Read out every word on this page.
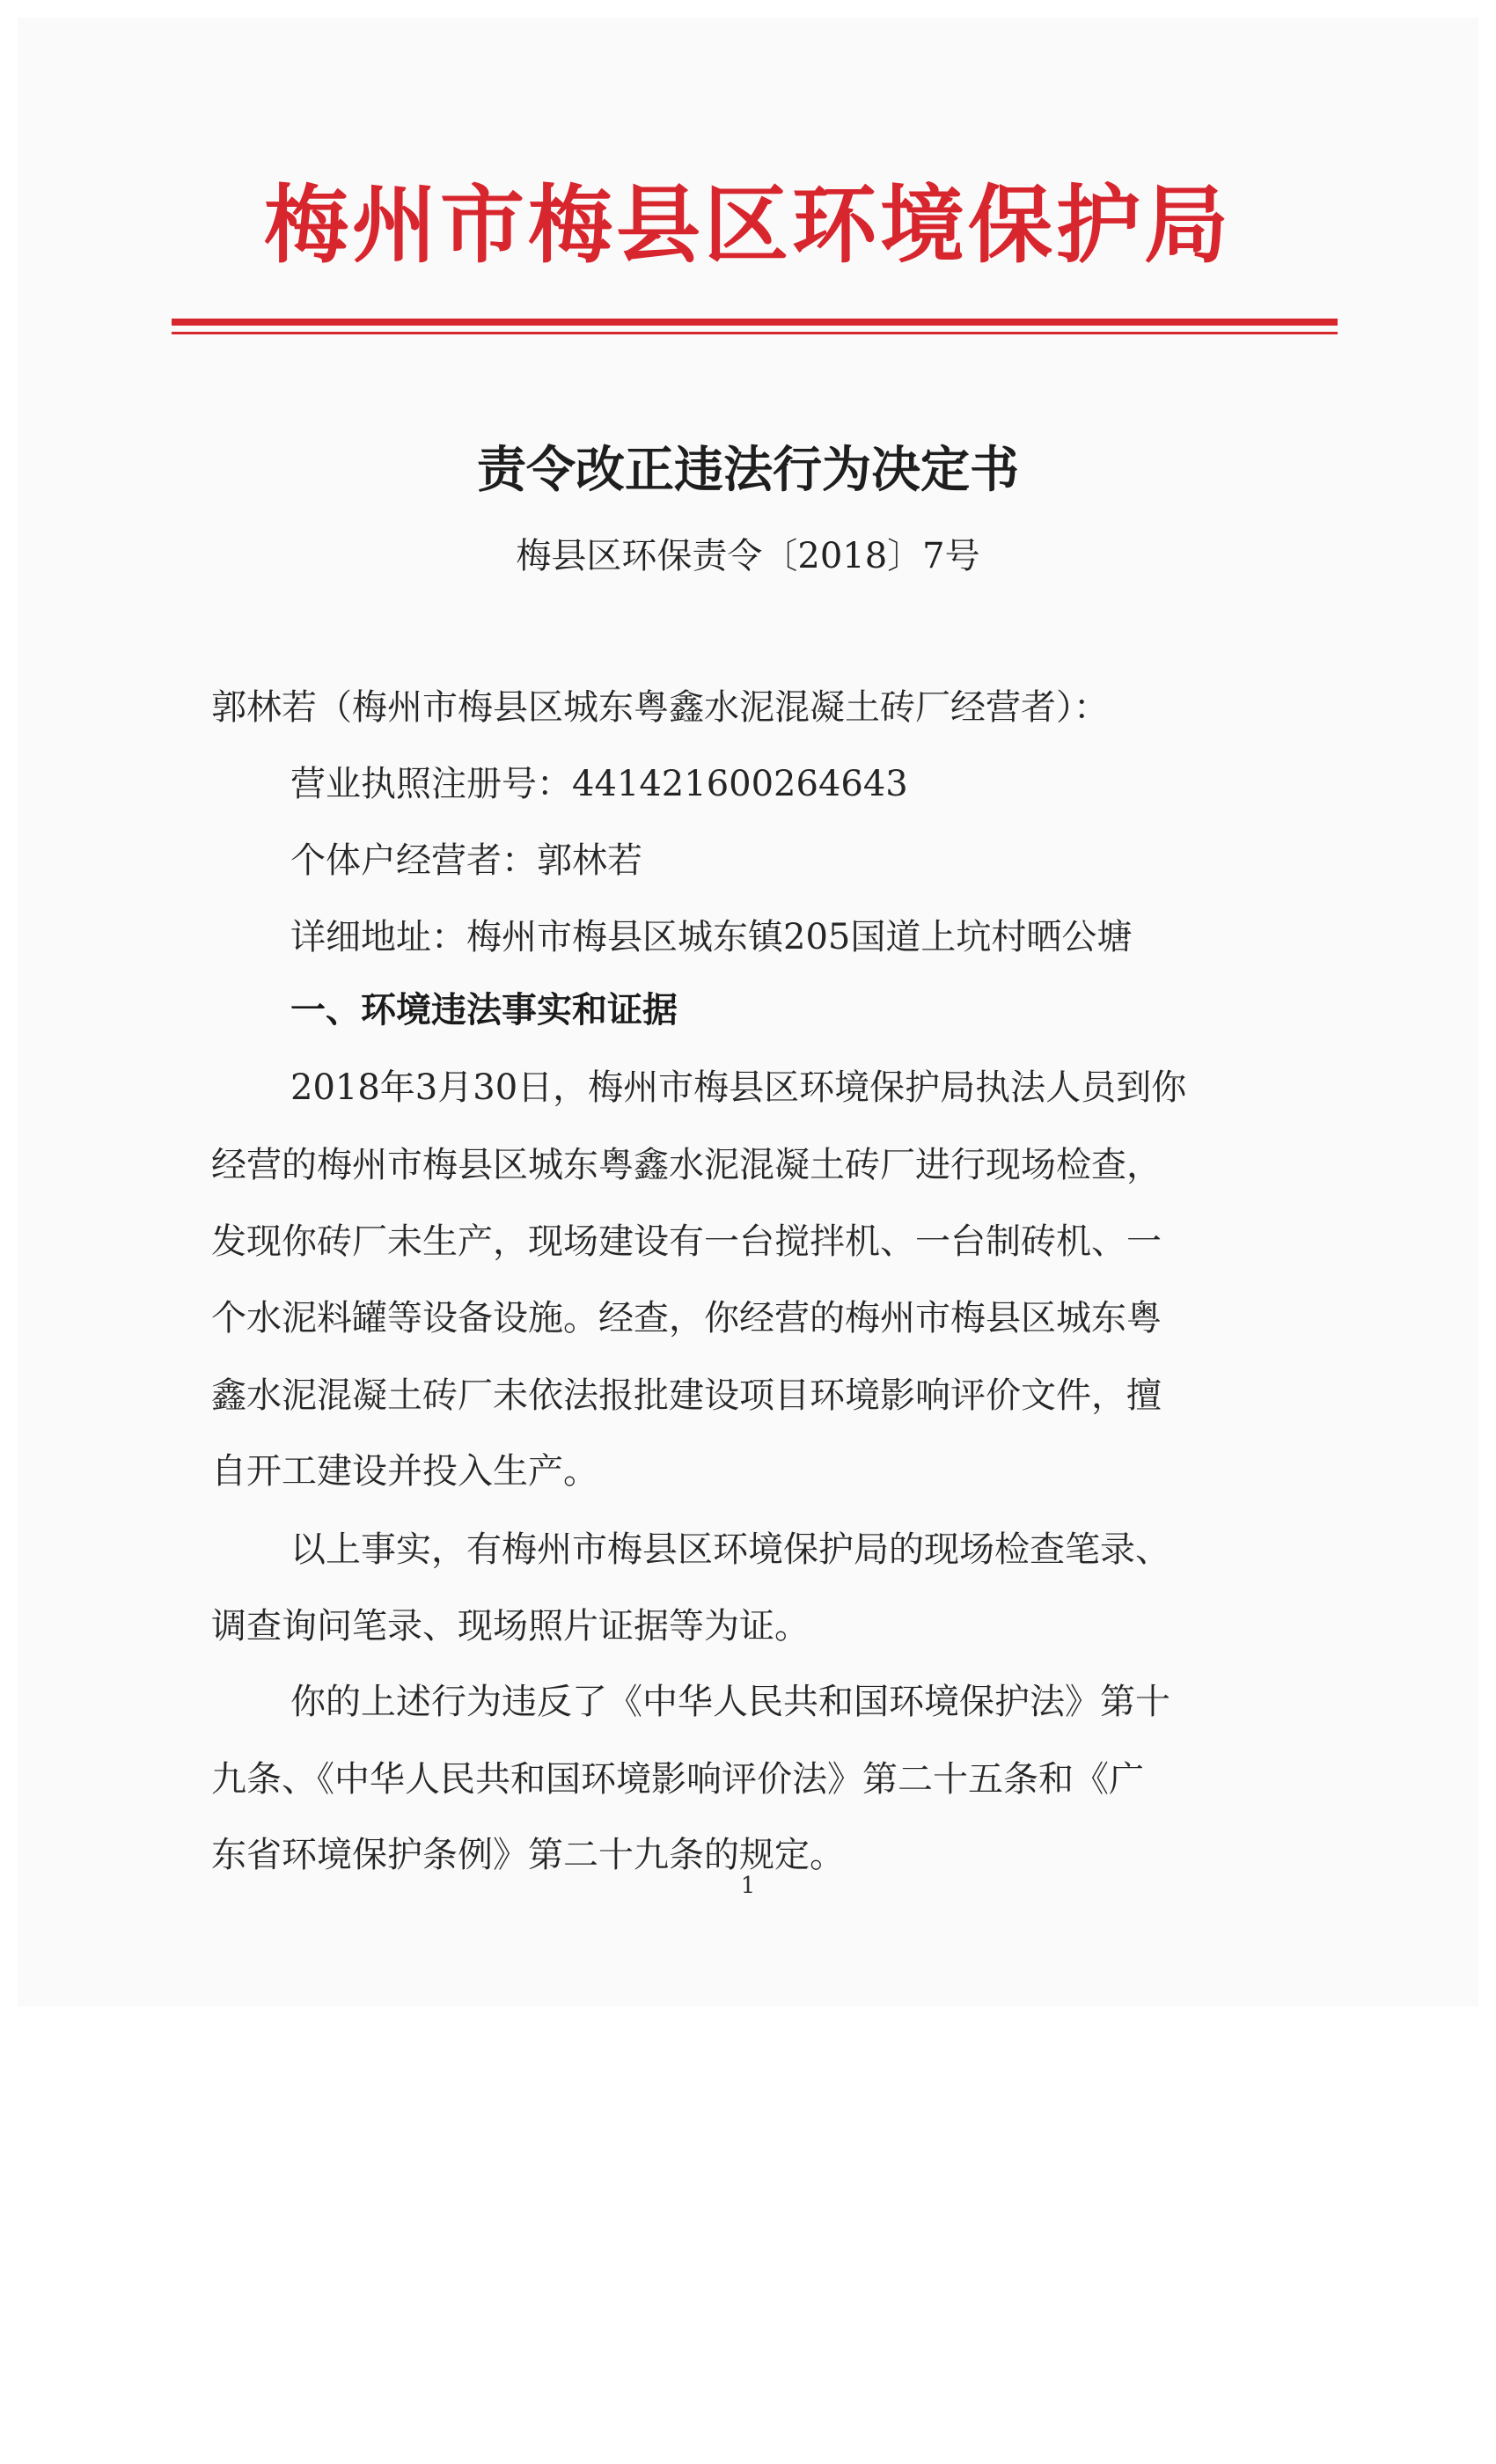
梅州市梅县区环境保护局
责令改正违法行为决定书
梅县区环保责令〔2018〕7号
郭林若（梅州市梅县区城东粤鑫水泥混凝土砖厂经营者）：
营业执照注册号：441421600264643
个体户经营者：郭林若
详细地址：梅州市梅县区城东镇205国道上坑村晒公塘
一、环境违法事实和证据
2018年3月30日，梅州市梅县区环境保护局执法人员到你
经营的梅州市梅县区城东粤鑫水泥混凝土砖厂进行现场检查，
发现你砖厂未生产，现场建设有一台搅拌机、一台制砖机、一
个水泥料罐等设备设施。经查，你经营的梅州市梅县区城东粤
鑫水泥混凝土砖厂未依法报批建设项目环境影响评价文件，擅
自开工建设并投入生产。
以上事实，有梅州市梅县区环境保护局的现场检查笔录、
调查询问笔录、现场照片证据等为证。
你的上述行为违反了《中华人民共和国环境保护法》第十
九条、《中华人民共和国环境影响评价法》第二十五条和《广
东省环境保护条例》第二十九条的规定。
1
